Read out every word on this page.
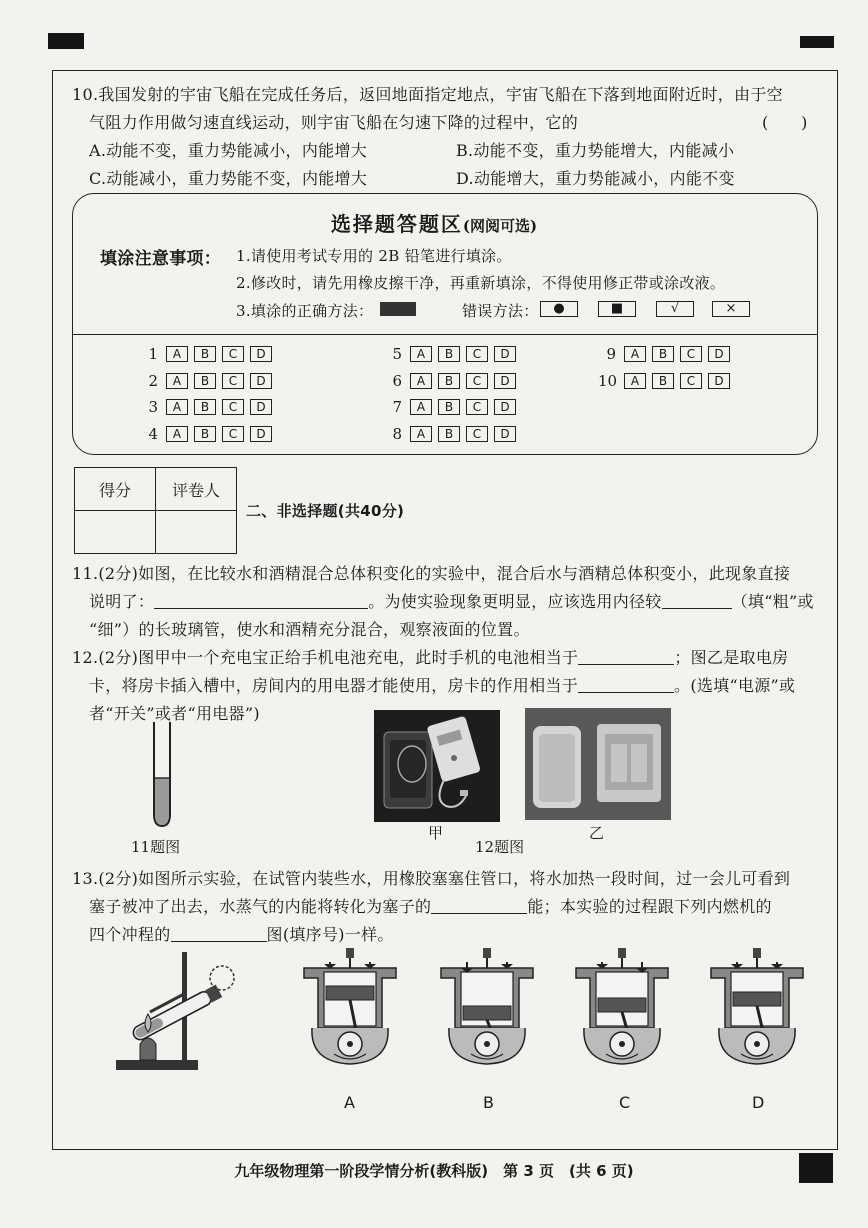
10.我国发射的宇宙飞船在完成任务后，返回地面指定地点，宇宙飞船在下落到地面附近时，由于空
气阻力作用做匀速直线运动，则宇宙飞船在匀速下降的过程中，它的	(　　)
A.动能不变，重力势能减小，内能增大	B.动能不变，重力势能增大，内能减小
C.动能减小，重力势能不变，内能增大	D.动能增大，重力势能减小，内能不变
选择题答题区(网阅可选)
填涂注意事项： 1.请使用考试专用的 2B 铅笔进行填涂。
2.修改时，请先用橡皮擦干净，再重新填涂，不得使用修正带或涂改液。
3.填涂的正确方法：	错误方法：	●	■	√	×
1	A	B	C	D
2	A	B	C	D
3	A	B	C	D
4	A	B	C	D
5	A	B	C	D
6	A	B	C	D
7	A	B	C	D
8	A	B	C	D
9	A	B	C	D
10	A	B	C	D
得分	评卷人

二、非选择题(共40分)
11.(2分)如图，在比较水和酒精混合总体积变化的实验中，混合后水与酒精总体积变小，此现象直接
说明了：	。为使实验现象更明显，应该选用内径较	（填“粗”或
“细”）的长玻璃管，使水和酒精充分混合，观察液面的位置。
12.(2分)图甲中一个充电宝正给手机电池充电，此时手机的电池相当于	；图乙是取电房
卡，将房卡插入槽中，房间内的用电器才能使用，房卡的作用相当于	。(选填“电源”或
者“开关”或者“用电器”)
11题图
甲
12题图
乙
13.(2分)如图所示实验，在试管内装些水，用橡胶塞塞住管口，将水加热一段时间，过一会儿可看到
塞子被冲了出去，水蒸气的内能将转化为塞子的	能；本实验的过程跟下列内燃机的
四个冲程的	图(填序号)一样。
A	B	C	D
九年级物理第一阶段学情分析(教科版)　第 3 页　(共 6 页)
